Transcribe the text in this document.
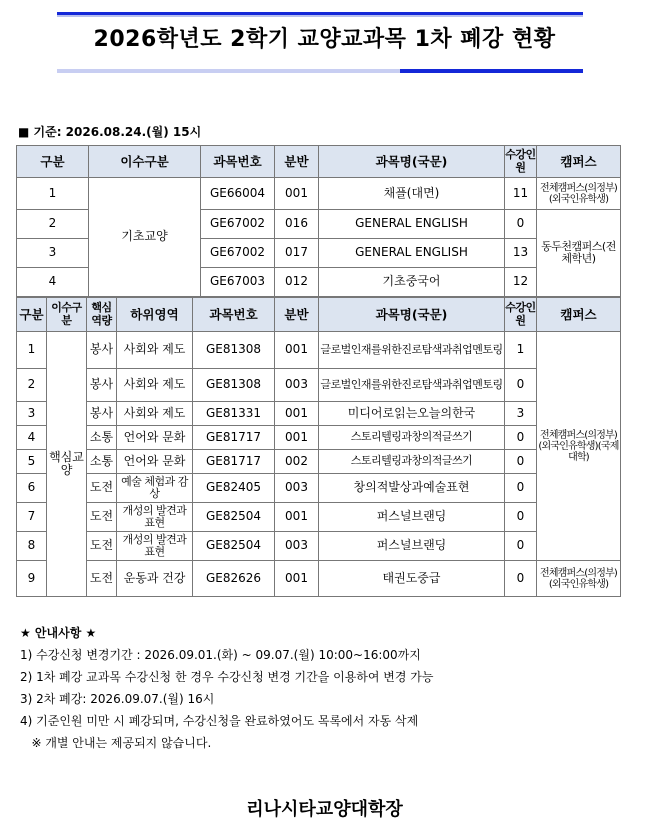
2026학년도 2학기 교양교과목 1차 폐강 현황
■ 기준: 2026.08.24.(월) 15시
구분	이수구분	과목번호	분반	과목명(국문)	수강인원	캠퍼스
1	기초교양	GE66004	001	채플(대면)	11	전체캠퍼스(의정부)(외국인유학생)
2		GE67002	016	GENERAL ENGLISH	0	동두천캠퍼스(전체학년)
3		GE67002	017	GENERAL ENGLISH	13	
4		GE67003	012	기초중국어	12	
구분	이수구분	핵심역량	하위영역	과목번호	분반	과목명(국문)	수강인원	캠퍼스
1	핵심교양	봉사	사회와 제도	GE81308	001	글로벌인재를위한진로탐색과취업멘토링	1	전체캠퍼스(의정부)(외국인유학생)(국제대학)
2		봉사	사회와 제도	GE81308	003	글로벌인재를위한진로탐색과취업멘토링	0	
3		봉사	사회와 제도	GE81331	001	미디어로읽는오늘의한국	3	
4		소통	언어와 문화	GE81717	001	스토리텔링과창의적글쓰기	0	
5		소통	언어와 문화	GE81717	002	스토리텔링과창의적글쓰기	0	
6		도전	예술 체험과 감상	GE82405	003	창의적발상과예술표현	0	
7		도전	개성의 발견과 표현	GE82504	001	퍼스널브랜딩	0	
8		도전	개성의 발견과 표현	GE82504	003	퍼스널브랜딩	0	
9		도전	운동과 건강	GE82626	001	태권도중급	0	전체캠퍼스(의정부)(외국인유학생)
★ 안내사항 ★
1) 수강신청 변경기간 : 2026.09.01.(화) ~ 09.07.(월) 10:00~16:00까지
2) 1차 폐강 교과목 수강신청 한 경우 수강신청 변경 기간을 이용하여 변경 가능
3) 2차 폐강: 2026.09.07.(월) 16시
4) 기준인원 미만 시 폐강되며, 수강신청을 완료하였어도 목록에서 자동 삭제
※ 개별 안내는 제공되지 않습니다.
리나시타교양대학장
